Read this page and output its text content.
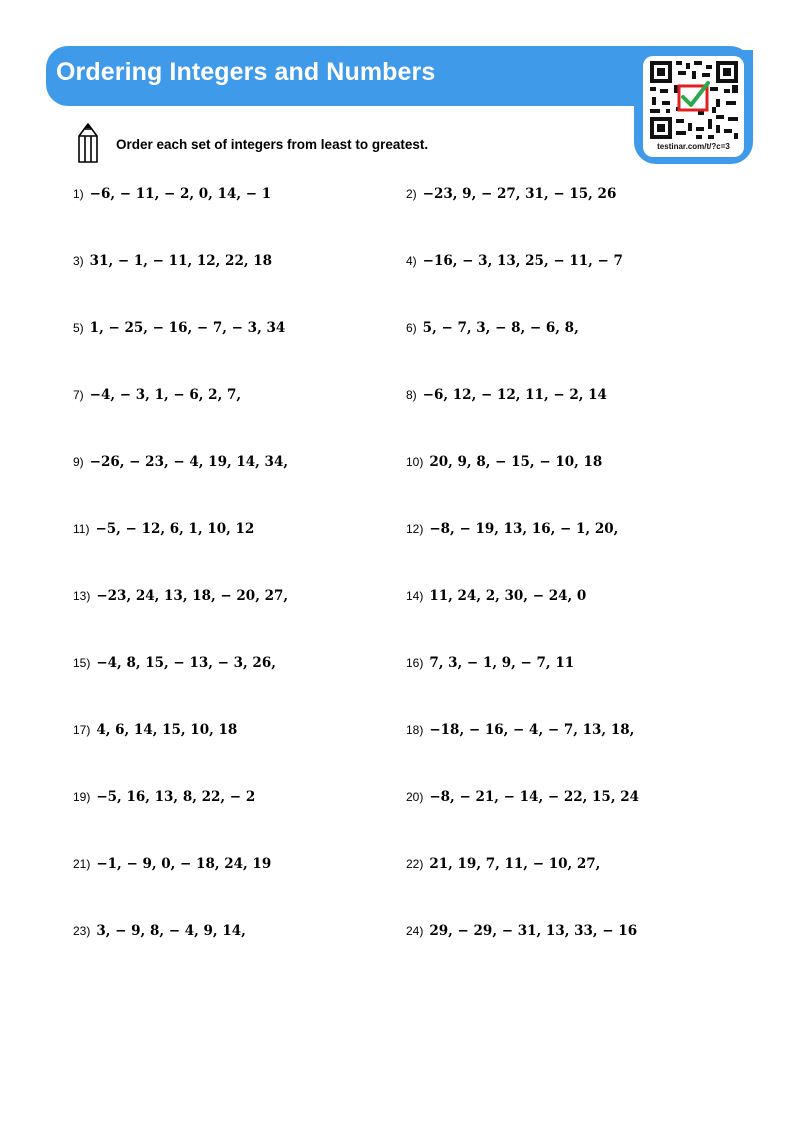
Ordering Integers and Numbers
testinar.com/t/?c=3
Order each set of integers from least to greatest.
1) −6, − 11, − 2, 0, 14, − 1	2) −23, 9, − 27, 31, − 15, 26
3) 31, − 1, − 11, 12, 22, 18	4) −16, − 3, 13, 25, − 11, − 7
5) 1, − 25, − 16, − 7, − 3, 34	6) 5, − 7, 3, − 8, − 6, 8,
7) −4, − 3, 1, − 6, 2, 7,	8) −6, 12, − 12, 11, − 2, 14
9) −26, − 23, − 4, 19, 14, 34,	10) 20, 9, 8, − 15, − 10, 18
11) −5, − 12, 6, 1, 10, 12	12) −8, − 19, 13, 16, − 1, 20,
13) −23, 24, 13, 18, − 20, 27,	14) 11, 24, 2, 30, − 24, 0
15) −4, 8, 15, − 13, − 3, 26,	16) 7, 3, − 1, 9, − 7, 11
17) 4, 6, 14, 15, 10, 18	18) −18, − 16, − 4, − 7, 13, 18,
19) −5, 16, 13, 8, 22, − 2	20) −8, − 21, − 14, − 22, 15, 24
21) −1, − 9, 0, − 18, 24, 19	22) 21, 19, 7, 11, − 10, 27,
23) 3, − 9, 8, − 4, 9, 14,	24) 29, − 29, − 31, 13, 33, − 16
